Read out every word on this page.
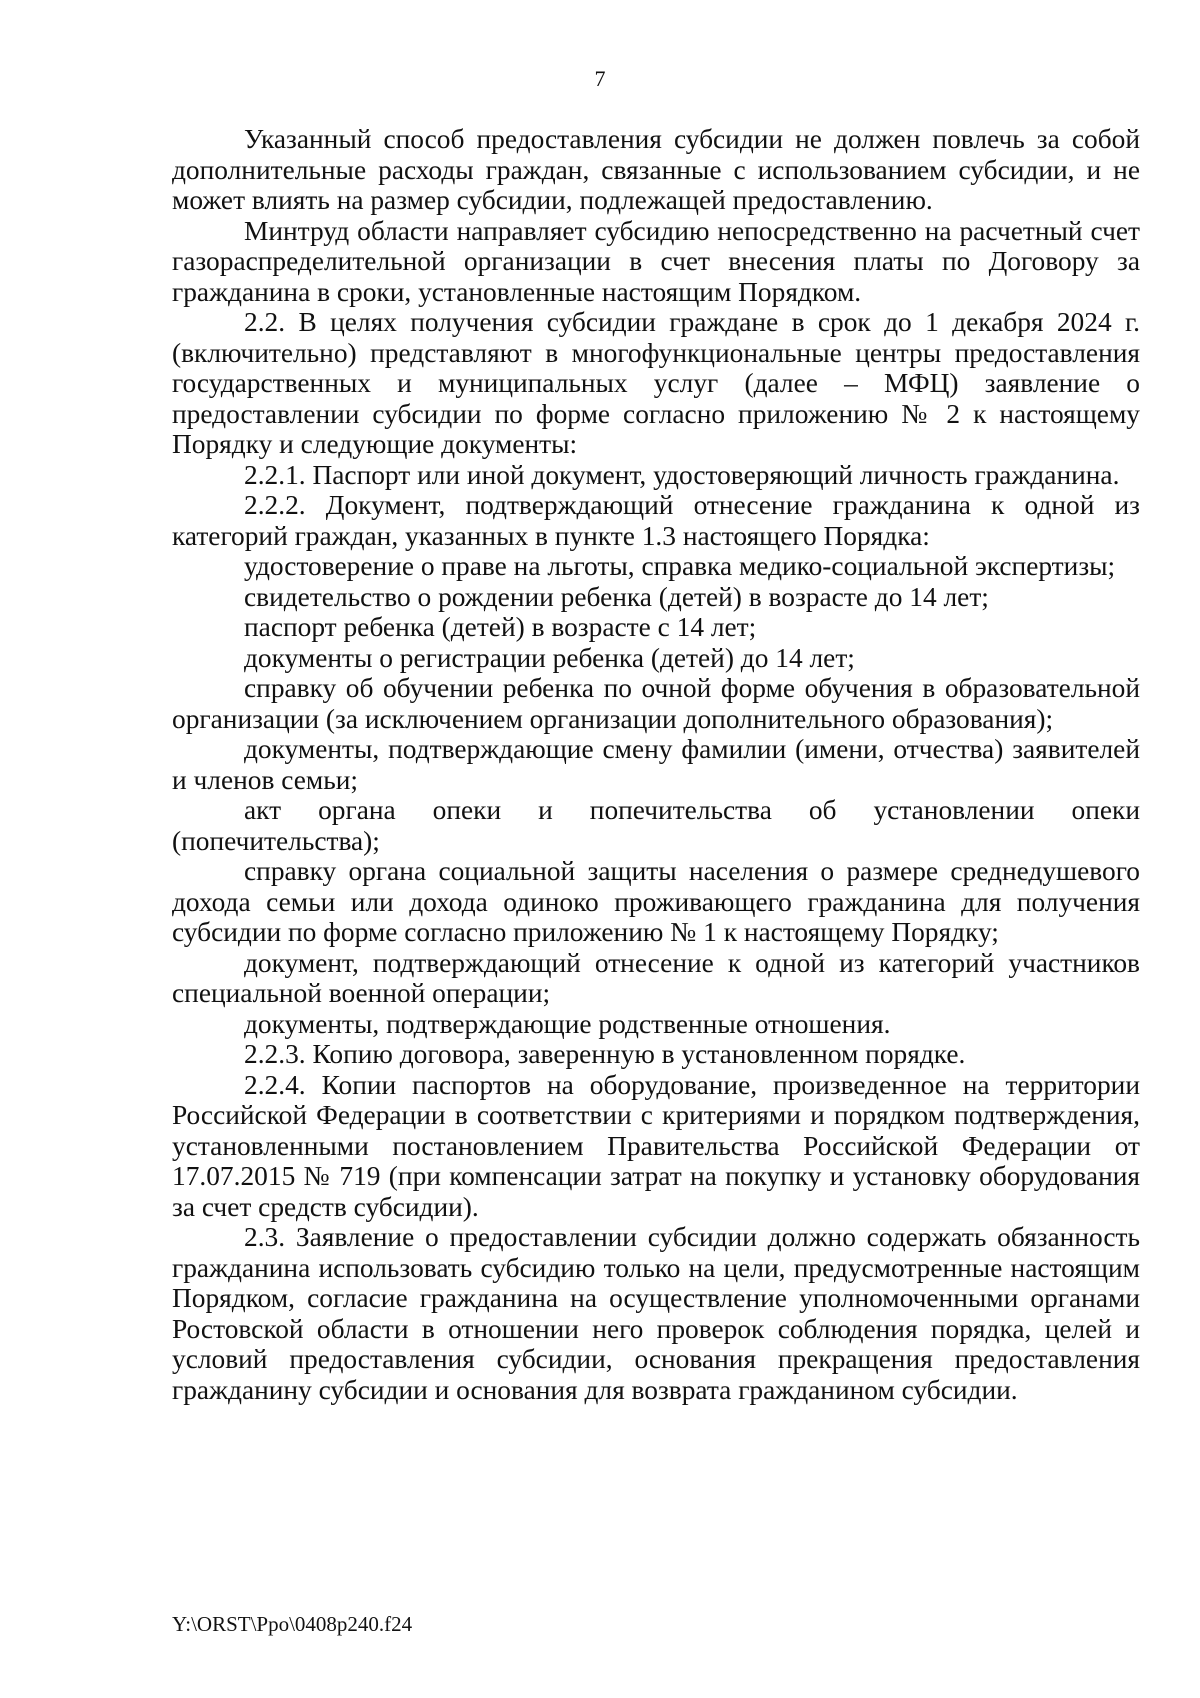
7

Указанный способ предоставления субсидии не должен повлечь за собой дополнительные расходы граждан, связанные с использованием субсидии, и не может влиять на размер субсидии, подлежащей предоставлению.

Минтруд области направляет субсидию непосредственно на расчетный счет газораспределительной организации в счет внесения платы по Договору за гражданина в сроки, установленные настоящим Порядком.

2.2. В целях получения субсидии граждане в срок до 1 декабря 2024 г. (включительно) представляют в многофункциональные центры предоставления государственных и муниципальных услуг (далее – МФЦ) заявление о предоставлении субсидии по форме согласно приложению № 2 к настоящему Порядку и следующие документы:

2.2.1. Паспорт или иной документ, удостоверяющий личность гражданина.

2.2.2. Документ, подтверждающий отнесение гражданина к одной из категорий граждан, указанных в пункте 1.3 настоящего Порядка:

удостоверение о праве на льготы, справка медико-социальной экспертизы;

свидетельство о рождении ребенка (детей) в возрасте до 14 лет;

паспорт ребенка (детей) в возрасте с 14 лет;

документы о регистрации ребенка (детей) до 14 лет;

справку об обучении ребенка по очной форме обучения в образовательной организации (за исключением организации дополнительного образования);

документы, подтверждающие смену фамилии (имени, отчества) заявителей и членов семьи;

акт органа опеки и попечительства об установлении опеки (попечительства);

справку органа социальной защиты населения о размере среднедушевого дохода семьи или дохода одиноко проживающего гражданина для получения субсидии по форме согласно приложению № 1 к настоящему Порядку;

документ, подтверждающий отнесение к одной из категорий участников специальной военной операции;

документы, подтверждающие родственные отношения.

2.2.3. Копию договора, заверенную в установленном порядке.

2.2.4. Копии паспортов на оборудование, произведенное на территории Российской Федерации в соответствии с критериями и порядком подтверждения, установленными постановлением Правительства Российской Федерации от 17.07.2015 № 719 (при компенсации затрат на покупку и установку оборудования за счет средств субсидии).

2.3. Заявление о предоставлении субсидии должно содержать обязанность гражданина использовать субсидию только на цели, предусмотренные настоящим Порядком, согласие гражданина на осуществление уполномоченными органами Ростовской области в отношении него проверок соблюдения порядка, целей и условий предоставления субсидии, основания прекращения предоставления гражданину субсидии и основания для возврата гражданином субсидии.

Y:\ORST\Ppo\0408p240.f24
